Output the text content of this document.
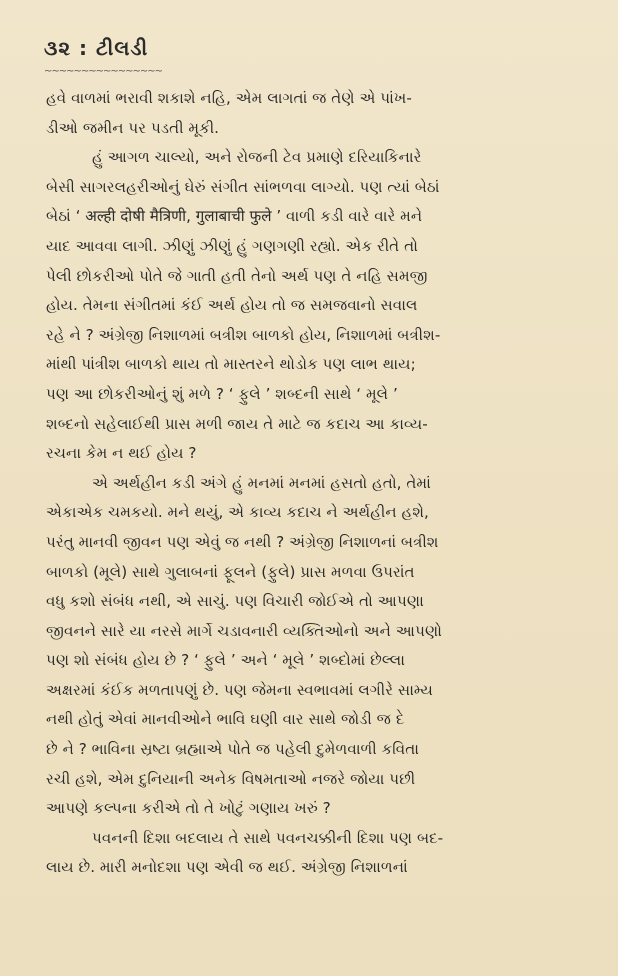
૩૨ : ટીલડી
~~~~~~~~~~~~~~~~
હવે વાળમાં ભરાવી શકાશે નહિ, એમ લાગતાં જ તેણે એ પાંખ-
ડીઓ જમીન પર પડતી મૂકી.
હું આગળ ચાલ્યો, અને રોજની ટેવ પ્રમાણે દરિયાકિનારે
બેસી સાગરલહરીઓનું ઘેરું સંગીત સાંભળવા લાગ્યો. પણ ત્યાં બેઠાં
બેઠાં ‘ अल्ही दोषी मैत्रिणी, गुलाबाची फुले ’ વાળી કડી વારે વારે મને
યાદ આવવા લાગી. ઝીણું ઝીણું હું ગણગણી રહ્યો. એક રીતે તો
પેલી છોકરીઓ પોતે જે ગાતી હતી તેનો અર્થ પણ તે નહિ સમજી
હોય. તેમના સંગીતમાં કંઈ અર્થ હોય તો જ સમજવાનો સવાલ
રહે ને ? અંગ્રેજી નિશાળમાં બત્રીશ બાળકો હોય, નિશાળમાં બત્રીશ-
માંથી પાંત્રીશ બાળકો થાય તો માસ્તરને થોડોક પણ લાભ થાય;
પણ આ છોકરીઓનું શું મળે ? ‘ ફુલે ’ શબ્દની સાથે ‘ મૂલે ’
શબ્દનો સહેલાઈથી પ્રાસ મળી જાય તે માટે જ કદાચ આ કાવ્ય-
રચના કેમ ન થઈ હોય ?
એ અર્થહીન કડી અંગે હું મનમાં મનમાં હસતો હતો, તેમાં
એકાએક ચમકયો. મને થયું, એ કાવ્ય કદાચ ને અર્થહીન હશે,
પરંતુ માનવી જીવન પણ એવું જ નથી ? અંગ્રેજી નિશાળનાં બત્રીશ
બાળકો (મૂલે) સાથે ગુલાબનાં ફૂલને (ફુલે) પ્રાસ મળવા ઉપરાંત
વધુ કશો સંબંધ નથી, એ સાચું. પણ વિચારી જોઈએ તો આપણા
જીવનને સારે યા નરસે માર્ગે ચડાવનારી વ્યક્તિઓનો અને આપણો
પણ શો સંબંધ હોય છે ? ‘ ફુલે ’ અને ‘ મૂલે ’ શબ્દોમાં છેલ્લા
અક્ષરમાં કંઈક મળતાપણું છે. પણ જેમના સ્વભાવમાં લગીરે સામ્ય
નથી હોતું એવાં માનવીઓને ભાવિ ઘણી વાર સાથે જોડી જ દે
છે ને ? ભાવિના સ્રષ્ટા બ્રહ્માએ પોતે જ પહેલી દુમેળવાળી કવિતા
રચી હશે, એમ દુનિયાની અનેક વિષમતાઓ નજરે જોયા પછી
આપણે કલ્પના કરીએ તો તે ખોટું ગણાય ખરું ?
પવનની દિશા બદલાય તે સાથે પવનચક્કીની દિશા પણ બદ-
લાય છે. મારી મનોદશા પણ એવી જ થઈ. અંગ્રેજી નિશાળનાં
